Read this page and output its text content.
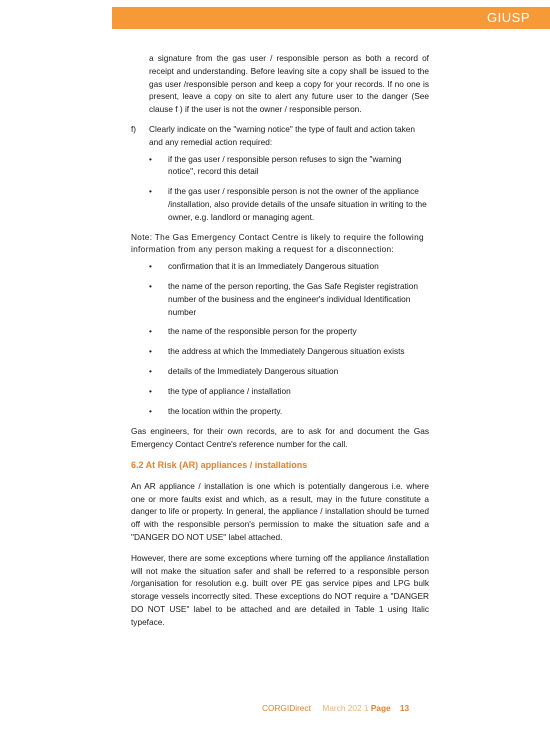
GIUSP

a signature from the gas user / responsible person as both a record of receipt and understanding. Before leaving site a copy shall be issued to the gas user /responsible person and keep a copy for your records. If no one is present, leave a copy on site to alert any future user to the danger (See clause f ) if the user is not the owner / responsible person.

f) Clearly indicate on the "warning notice" the type of fault and action taken and any remedial action required:

• if the gas user / responsible person refuses to sign the "warning notice", record this detail
• if the gas user / responsible person is not the owner of the appliance /installation, also provide details of the unsafe situation in writing to the owner, e.g. landlord or managing agent.

Note: The Gas Emergency Contact Centre is likely to require the following information from any person making a request for a disconnection:

• confirmation that it is an Immediately Dangerous situation
• the name of the person reporting, the Gas Safe Register registration number of the business and the engineer's individual Identification number
• the name of the responsible person for the property
• the address at which the Immediately Dangerous situation exists
• details of the Immediately Dangerous situation
• the type of appliance / installation
• the location within the property.

Gas engineers, for their own records, are to ask for and document the Gas Emergency Contact Centre's reference number for the call.

6.2 At Risk (AR) appliances / installations

An AR appliance / installation is one which is potentially dangerous i.e. where one or more faults exist and which, as a result, may in the future constitute a danger to life or property. In general, the appliance / installation should be turned off with the responsible person's permission to make the situation safe and a "DANGER DO NOT USE" label attached.

However, there are some exceptions where turning off the appliance /installation will not make the situation safer and shall be referred to a responsible person /organisation for resolution e.g. built over PE gas service pipes and LPG bulk storage vessels incorrectly sited. These exceptions do NOT require a "DANGER DO NOT USE" label to be attached and are detailed in Table 1 using Italic typeface.

CORGIDirect March 202 1 Page 13
